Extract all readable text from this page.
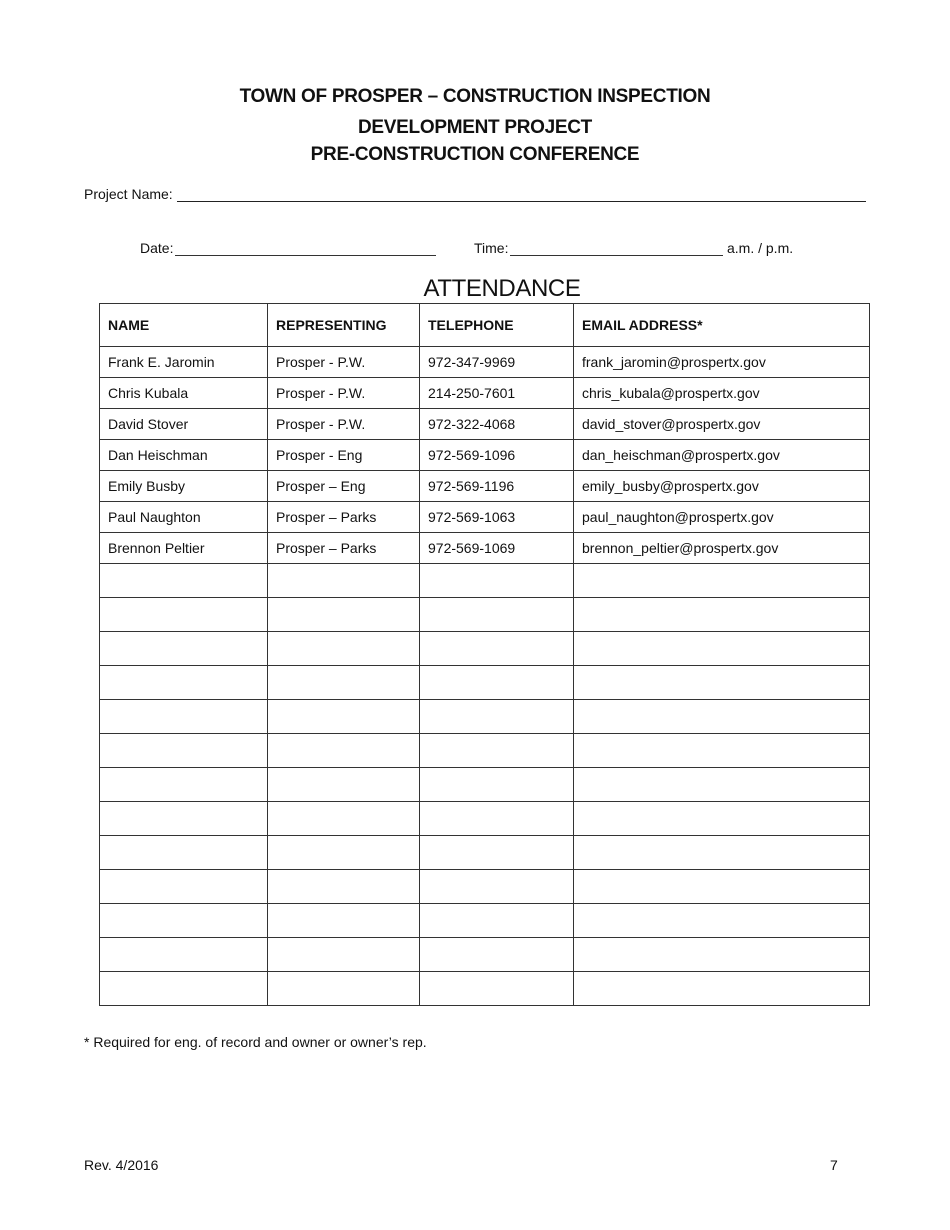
TOWN OF PROSPER – CONSTRUCTION INSPECTION
DEVELOPMENT PROJECT
PRE-CONSTRUCTION CONFERENCE
Project Name:
Date:	Time:	a.m. / p.m.
ATTENDANCE
NAME	REPRESENTING	TELEPHONE	EMAIL ADDRESS*
Frank E. Jaromin	Prosper - P.W.	972-347-9969	frank_jaromin@prospertx.gov
Chris Kubala	Prosper - P.W.	214-250-7601	chris_kubala@prospertx.gov
David Stover	Prosper - P.W.	972-322-4068	david_stover@prospertx.gov
Dan Heischman	Prosper - Eng	972-569-1096	dan_heischman@prospertx.gov
Emily Busby	Prosper – Eng	972-569-1196	emily_busby@prospertx.gov
Paul Naughton	Prosper – Parks	972-569-1063	paul_naughton@prospertx.gov
Brennon Peltier	Prosper – Parks	972-569-1069	brennon_peltier@prospertx.gov

* Required for eng. of record and owner or owner’s rep.
Rev. 4/2016	7
